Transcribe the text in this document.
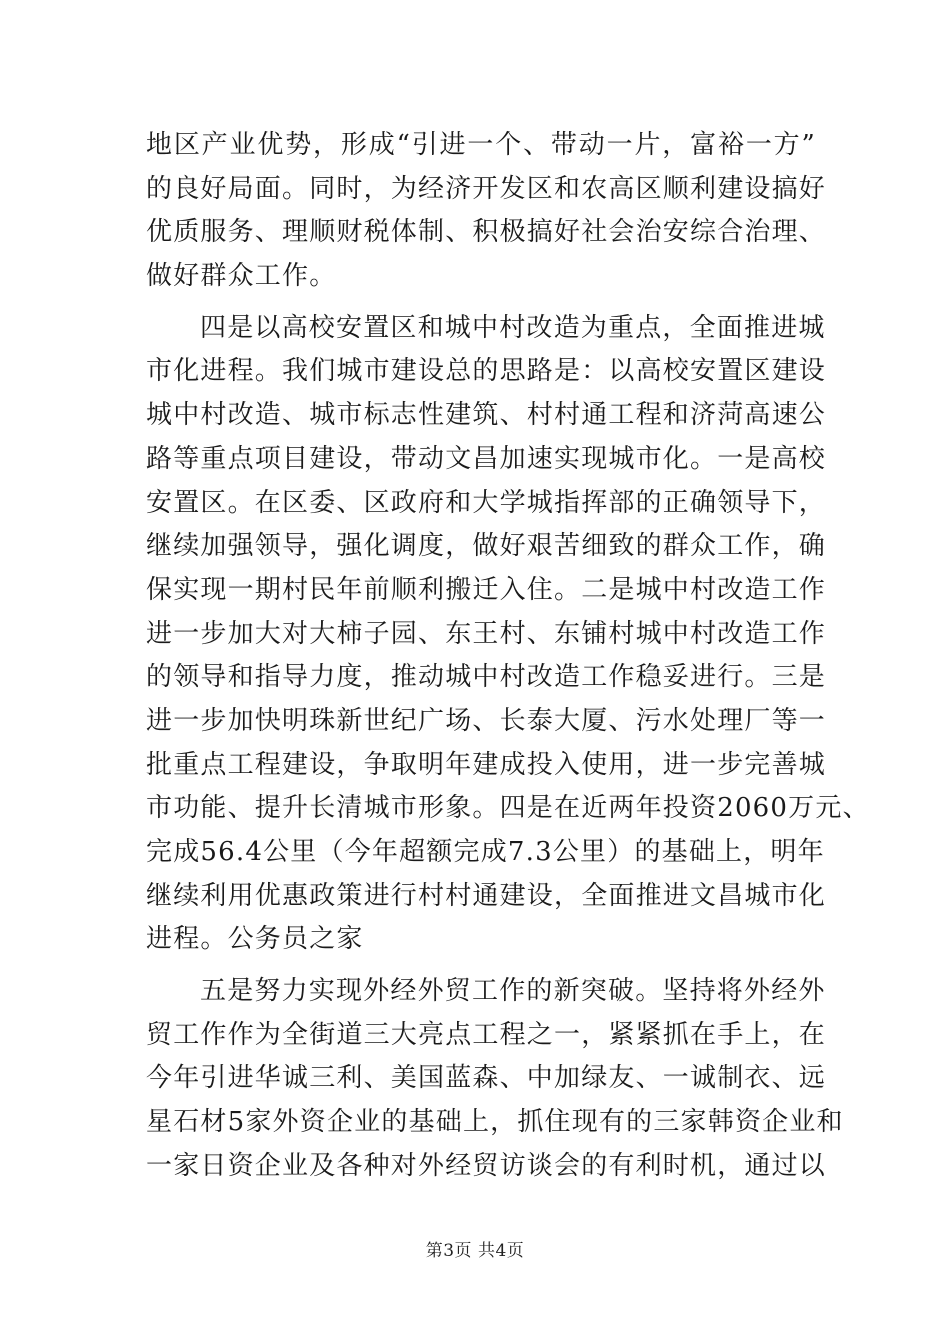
地区产业优势，形成“引进一个、带动一片，富裕一方”
的良好局面。同时，为经济开发区和农高区顺利建设搞好
优质服务、理顺财税体制、积极搞好社会治安综合治理、
做好群众工作。
四是以高校安置区和城中村改造为重点，全面推进城
市化进程。我们城市建设总的思路是：以高校安置区建设
城中村改造、城市标志性建筑、村村通工程和济菏高速公
路等重点项目建设，带动文昌加速实现城市化。一是高校
安置区。在区委、区政府和大学城指挥部的正确领导下，
继续加强领导，强化调度，做好艰苦细致的群众工作，确
保实现一期村民年前顺利搬迁入住。二是城中村改造工作
进一步加大对大柿子园、东王村、东铺村城中村改造工作
的领导和指导力度，推动城中村改造工作稳妥进行。三是
进一步加快明珠新世纪广场、长泰大厦、污水处理厂等一
批重点工程建设，争取明年建成投入使用，进一步完善城
市功能、提升长清城市形象。四是在近两年投资2060万元、
完成56.4公里（今年超额完成7.3公里）的基础上，明年
继续利用优惠政策进行村村通建设，全面推进文昌城市化
进程。公务员之家
五是努力实现外经外贸工作的新突破。坚持将外经外
贸工作作为全街道三大亮点工程之一，紧紧抓在手上，在
今年引进华诚三利、美国蓝森、中加绿友、一诚制衣、远
星石材5家外资企业的基础上，抓住现有的三家韩资企业和
一家日资企业及各种对外经贸访谈会的有利时机，通过以
第3页 共4页
